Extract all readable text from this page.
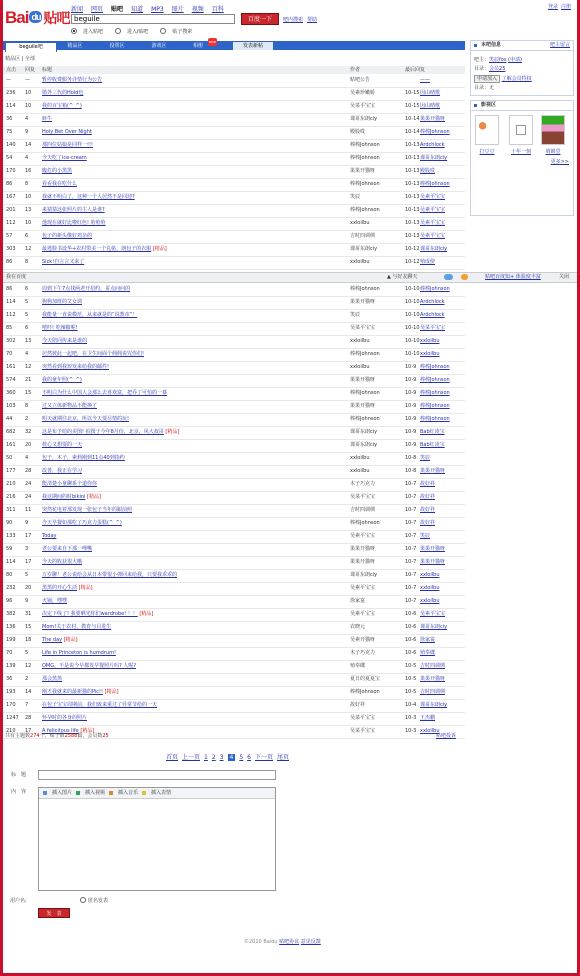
Bai du 贴吧
新闻 网页 贴吧 知道 MP3 图片 视频 百科
beguile
百度一下	吧内搜索 帮助
进入贴吧	进入i贴吧	贴子搜索
登录 注册
beguile吧	精品区	投票区	游戏区	相册
NEW
发表新帖
精品区 | 全部
点击	回复	标题	作者	最后回复
—	—	暂停收费服务详情行为公告	贴吧公告	——
236	10	婚外三代的Hold也	吴素珍嫩娇	10-15 因山晴歌
114	10	我的百宝箱(^_^)	吴菜平宝宝	10-15 因山晴歌
36	4	虾牛	课哥东朗ciy	10-14 果果开猫呀
75	9	Holy Bet Over Night	殿股哎	10-14 棒棒Johnson
140	14	那四位姑娘是同样一!!!	棒棒Johnson	10-13 Ardchlock
54	4	今天吃了ice-cream	棒棒Johnson	10-13 课哥东朗ciy
170	16	臨危的小黑黑	果果开猫呀	10-13 殿股哎
86	8	看看我在吃什么	棒棒Johnson	10-13 棒棒Johnson
167	10	我就不明白了，这种一个人居然不是回迎?	笑辰	10-13 吴素平宝宝
201	13	来猜猜这张照片的主人是谁?	棒棒Johnson	10-13 吴素平宝宝
112	10	他现在就好比啦红色! 哈哈哈	xxloilbu	10-13 吴素平宝宝
57	6	包子的新头像好鸡杂的	吉时四调绸	10-13 吴素平宝宝
303	12	最逃脸书设华+农村带美一个礼帖，朗包子的衣服 [精品]	课哥东朗ciy	10-12 课哥东朗ciy
86	8	Sick!自言言又来了	xxloilbu	10-12 殖成傍
我在百度	▲ 与好友聊天	贴吧百度知+ 体验度丰富	关闭
86	6	周到下午7点找两老开招约，哥点问问的	棒棒Johnson	10-10 棒棒Johnson
114	5	狗狗加班的艾女调	果果开猫呀	10-10 Ardchlock
112	5	我能量一直说模范，从来就是的“说教帝”！	笑辰	10-10 Ardchlock
85	6	嘻吓! 吃辣椒呢!	吴菜平宝宝	10-10 吴菜平宝宝
302	13	今天陪同传来是谁的	xxloilbu	10-10 xxloilbu
70	4	居然彼此一起吧，在卫生间面个佣佣说咒你们!	棒棒Johnson	10-10 xxloilbu
161	12	突然看到我短发来给我的邮件!	xxloilbu	10-9 棒棒Johnson
574	21	我的童年照(^_^)	果果开猫呀	10-9 棒棒Johnson
360	15	不明白为什么中国人会那么去喜欢富，把乔了可怕的一幕	棒棒Johnson	10-9 棒棒Johnson
103	8	过又立体新物品不能换了	果果开猫呀	10-9 棒棒Johnson
44	2	明天就期往北京，所以今天要尽情的玩!	棒棒Johnson	10-9 棒棒Johnson
682	32	这是布予给的美图! 拍摄于今年8月份，北京，风大叔哥 [精品]	课哥东朗ciy	10-9 Bab红凌宝
161	20	枕心又想要的一天	课哥东朗ciy	10-9 Bab红凌宝
50	4	包子，木子，素莉刚到11点40到指约	xxloilbu	10-8 笑辰
177	28	改善，我正在学习	xxloilbu	10-8 果果开猫呀
210	24	能清楚小童聊系个道你你	木子巧克力	10-7 故好祥
216	24	我这期间的时bikini [精品]	吴菜平宝宝	10-7 故好祥
311	11	突然花电着那发现一张包子当年的跟前照	吉时四调绸	10-7 故好祥
90	9	今天早餐如那吃了巧克力蛋糕(^_^)	棒棒Johnson	10-7 故好祥
133	17	Today	吴素平宝宝	10-7 笑辰
59	3	老公要来自下那一哩嘴	果果开猫呀	10-7 果果开猫呀
114	17	今天的收获很大哦	果果开猫呀	10-7 果果开猫呀
80	5	万岁聊！老公说给会从日本带很小弹回来给我，只要我乖乖的	课哥东朗ciy	10-7 xxloilbu
232	20	黑黑的开心生活 [精品]	吴素平宝宝	10-7 xxloilbu
96	9	火锅，嘿嘿	徐家宴	10-7 xxloilbu
382	31	决定下线了! 我要晒光你们wardrobe! ！！ [精品]	吴素平宝宝	10-6 吴素平宝宝
136	15	Mom!关于农村，教育与目进生	农晓元	10-6 课哥东朗ciy
199	18	The day [精品]	吴素开猫呀	10-6 徐家宴
70	5	Life in Princeton is humdrum!	木子巧克力	10-6 殖奉碟
139	12	OMG，不是说今早都发早餐照片吗? 人呢?	殖奉碟	10-5 吉时四调绸
36	2	那会黑黑	夏日的夏夏宝	10-5 果果开猫呀
193	14	刚才我就来的最新猫的Pic!! [精品]	棒棒Johnson	10-5 吉时四调绸
170	7	在包子宝宝周期前，我们致来重过了异常节给的一天	故好祥	10-4 课哥东朗ciy
1247	28	怀孕时的各身的照片	吴菜平宝宝	10-3 王杰鹏
210	17	A felicitous life [精品]	吴菜平宝宝	10-3 xxloilbu
共有主题数274个，贴子数2588篇，会员数25	贴吧投诉
首页 上一页 1 2 3 4 5 6 下一页 尾页
标　题
内　容	插入图片	插入视频	插入音乐	插入表情
用户名:	匿名发表
发　表
©2010 Baidu 贴吧协议 意见反馈
本吧信息	吧主留言
吧主：笑辰fos (申请)
目录：会员25
申请加入 了解会员特权
目录：无
影视区
打豆豆	十年一刻	填锦堂
更多>>
